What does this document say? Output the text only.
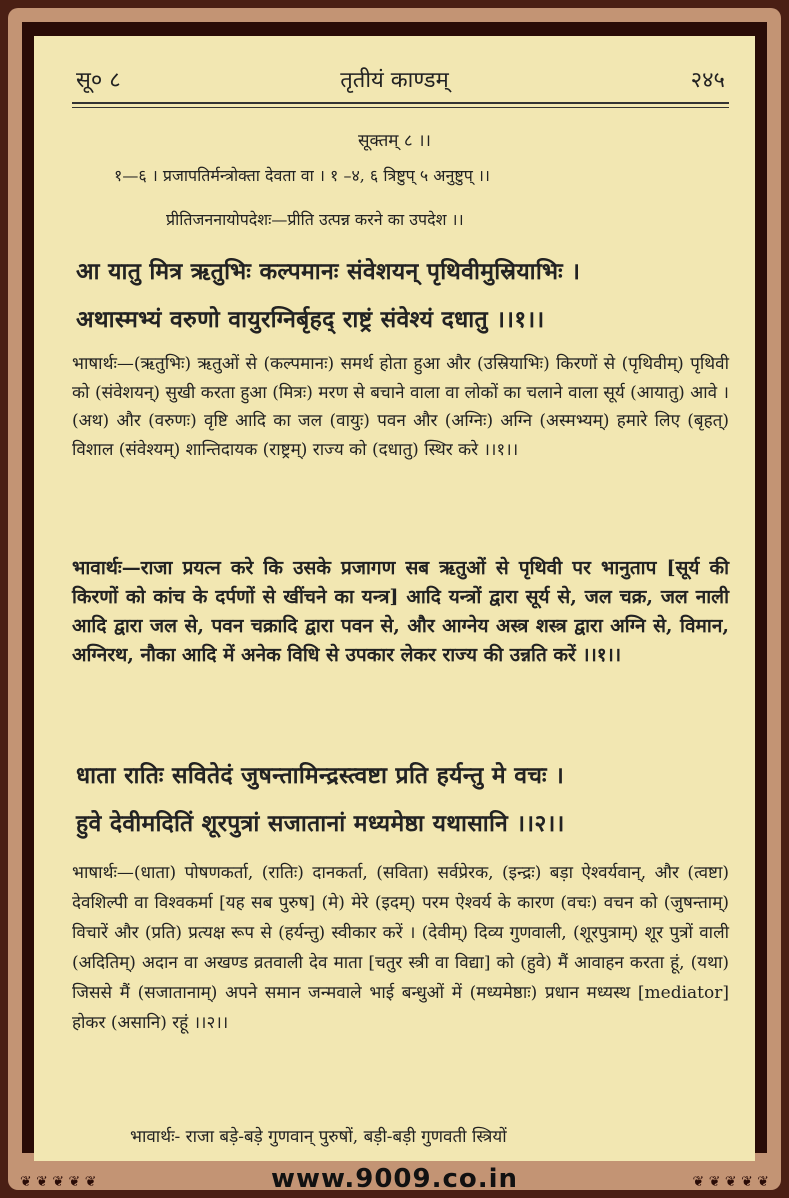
सू० ८	तृतीयं काण्डम्	२४५
सूक्तम् ८ ।।
१—६ । प्रजापतिर्मन्त्रोक्ता देवता वा । १ –४, ६ त्रिष्टुप् ५ अनुष्टुप् ।।
प्रीतिजननायोपदेशः—प्रीति उत्पन्न करने का उपदेश ।।
आ यातु मित्र ऋतुभिः कल्पमानः संवेशयन् पृथिवीमुस्रियाभिः ।
अथास्मभ्यं वरुणो वायुरग्निर्बृहद् राष्ट्रं संवेश्यं दधातु ।।१।।
भाषार्थः—(ऋतुभिः) ऋतुओं से (कल्पमानः) समर्थ होता हुआ और (उस्रियाभिः) किरणों से (पृथिवीम्) पृथिवी को (संवेशयन्) सुखी करता हुआ (मित्रः) मरण से बचाने वाला वा लोकों का चलाने वाला सूर्य (आयातु) आवे । (अथ) और (वरुणः) वृष्टि आदि का जल (वायुः) पवन और (अग्निः) अग्नि (अस्मभ्यम्) हमारे लिए (बृहत्) विशाल (संवेश्यम्) शान्तिदायक (राष्ट्रम्) राज्य को (दधातु) स्थिर करे ।।१।।
भावार्थः—राजा प्रयत्न करे कि उसके प्रजागण सब ऋतुओं से पृथिवी पर भानुताप [सूर्य की किरणों को कांच के दर्पणों से खींचने का यन्त्र] आदि यन्त्रों द्वारा सूर्य से, जल चक्र, जल नाली आदि द्वारा जल से, पवन चक्रादि द्वारा पवन से, और आग्नेय अस्त्र शस्त्र द्वारा अग्नि से, विमान, अग्निरथ, नौका आदि में अनेक विधि से उपकार लेकर राज्य की उन्नति करें ।।१।।
धाता रातिः सवितेदं जुषन्तामिन्द्रस्त्वष्टा प्रति हर्यन्तु मे वचः ।
हुवे देवीमदितिं शूरपुत्रां सजातानां मध्यमेष्ठा यथासानि ।।२।।
भाषार्थः—(धाता) पोषणकर्ता, (रातिः) दानकर्ता, (सविता) सर्वप्रेरक, (इन्द्रः) बड़ा ऐश्वर्यवान्, और (त्वष्टा) देवशिल्पी वा विश्वकर्मा [यह सब पुरुष] (मे) मेरे (इदम्) परम ऐश्वर्य के कारण (वचः) वचन को (जुषन्ताम्) विचारें और (प्रति) प्रत्यक्ष रूप से (हर्यन्तु) स्वीकार करें । (देवीम्) दिव्य गुणवाली, (शूरपुत्राम्) शूर पुत्रों वाली (अदितिम्) अदान वा अखण्ड व्रतवाली देव माता [चतुर स्त्री वा विद्या] को (हुवे) मैं आवाहन करता हूं, (यथा) जिससे मैं (सजातानाम्) अपने समान जन्मवाले भाई बन्धुओं में (मध्यमेष्ठाः) प्रधान मध्यस्थ [mediator] होकर (असानि) रहूं ।।२।।
भावार्थः- राजा बड़े-बड़े गुणवान् पुरुषों, बड़ी-बड़ी गुणवती स्त्रियों
❦ ❦ ❦ ❦ ❦	www.9009.co.in	❦ ❦ ❦ ❦ ❦
